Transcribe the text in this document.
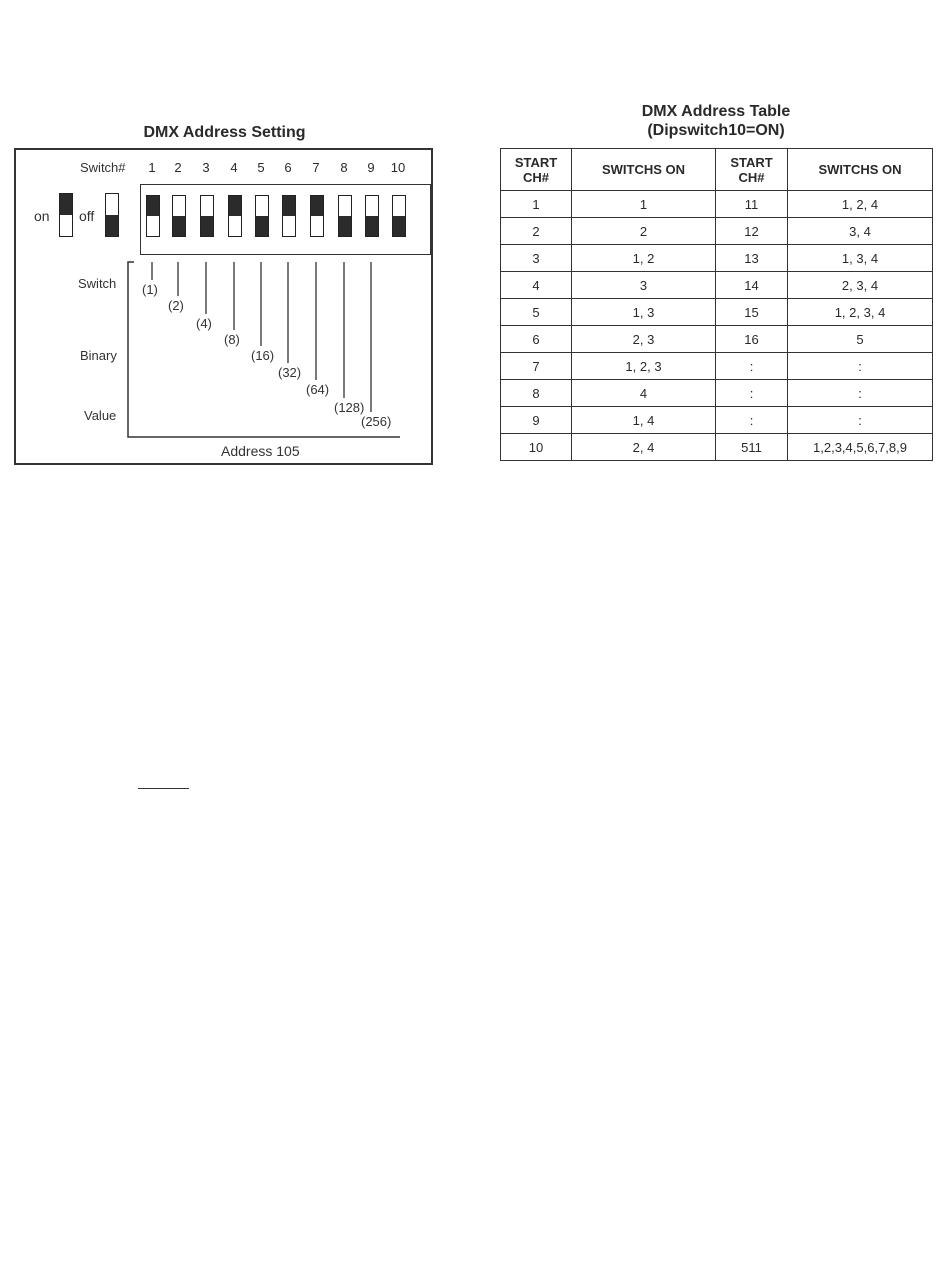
DMX Address Setting
Switch#	1	2	3	4	5	6	7	8	9	10
on off
Switch
Binary
Value
(1)
(2)
(4)
(8)
(16)
(32)
(64)
(128)
(256)
Address 105
DMX Address Table
(Dipswitch10=ON)
START CH#	SWITCHS ON	START CH#	SWITCHS ON
1	1	11	1, 2, 4
2	2	12	3, 4
3	1, 2	13	1, 3, 4
4	3	14	2, 3, 4
5	1, 3	15	1, 2, 3, 4
6	2, 3	16	5
7	1, 2, 3	:	:
8	4	:	:
9	1, 4	:	:
10	2, 4	511	1,2,3,4,5,6,7,8,9
